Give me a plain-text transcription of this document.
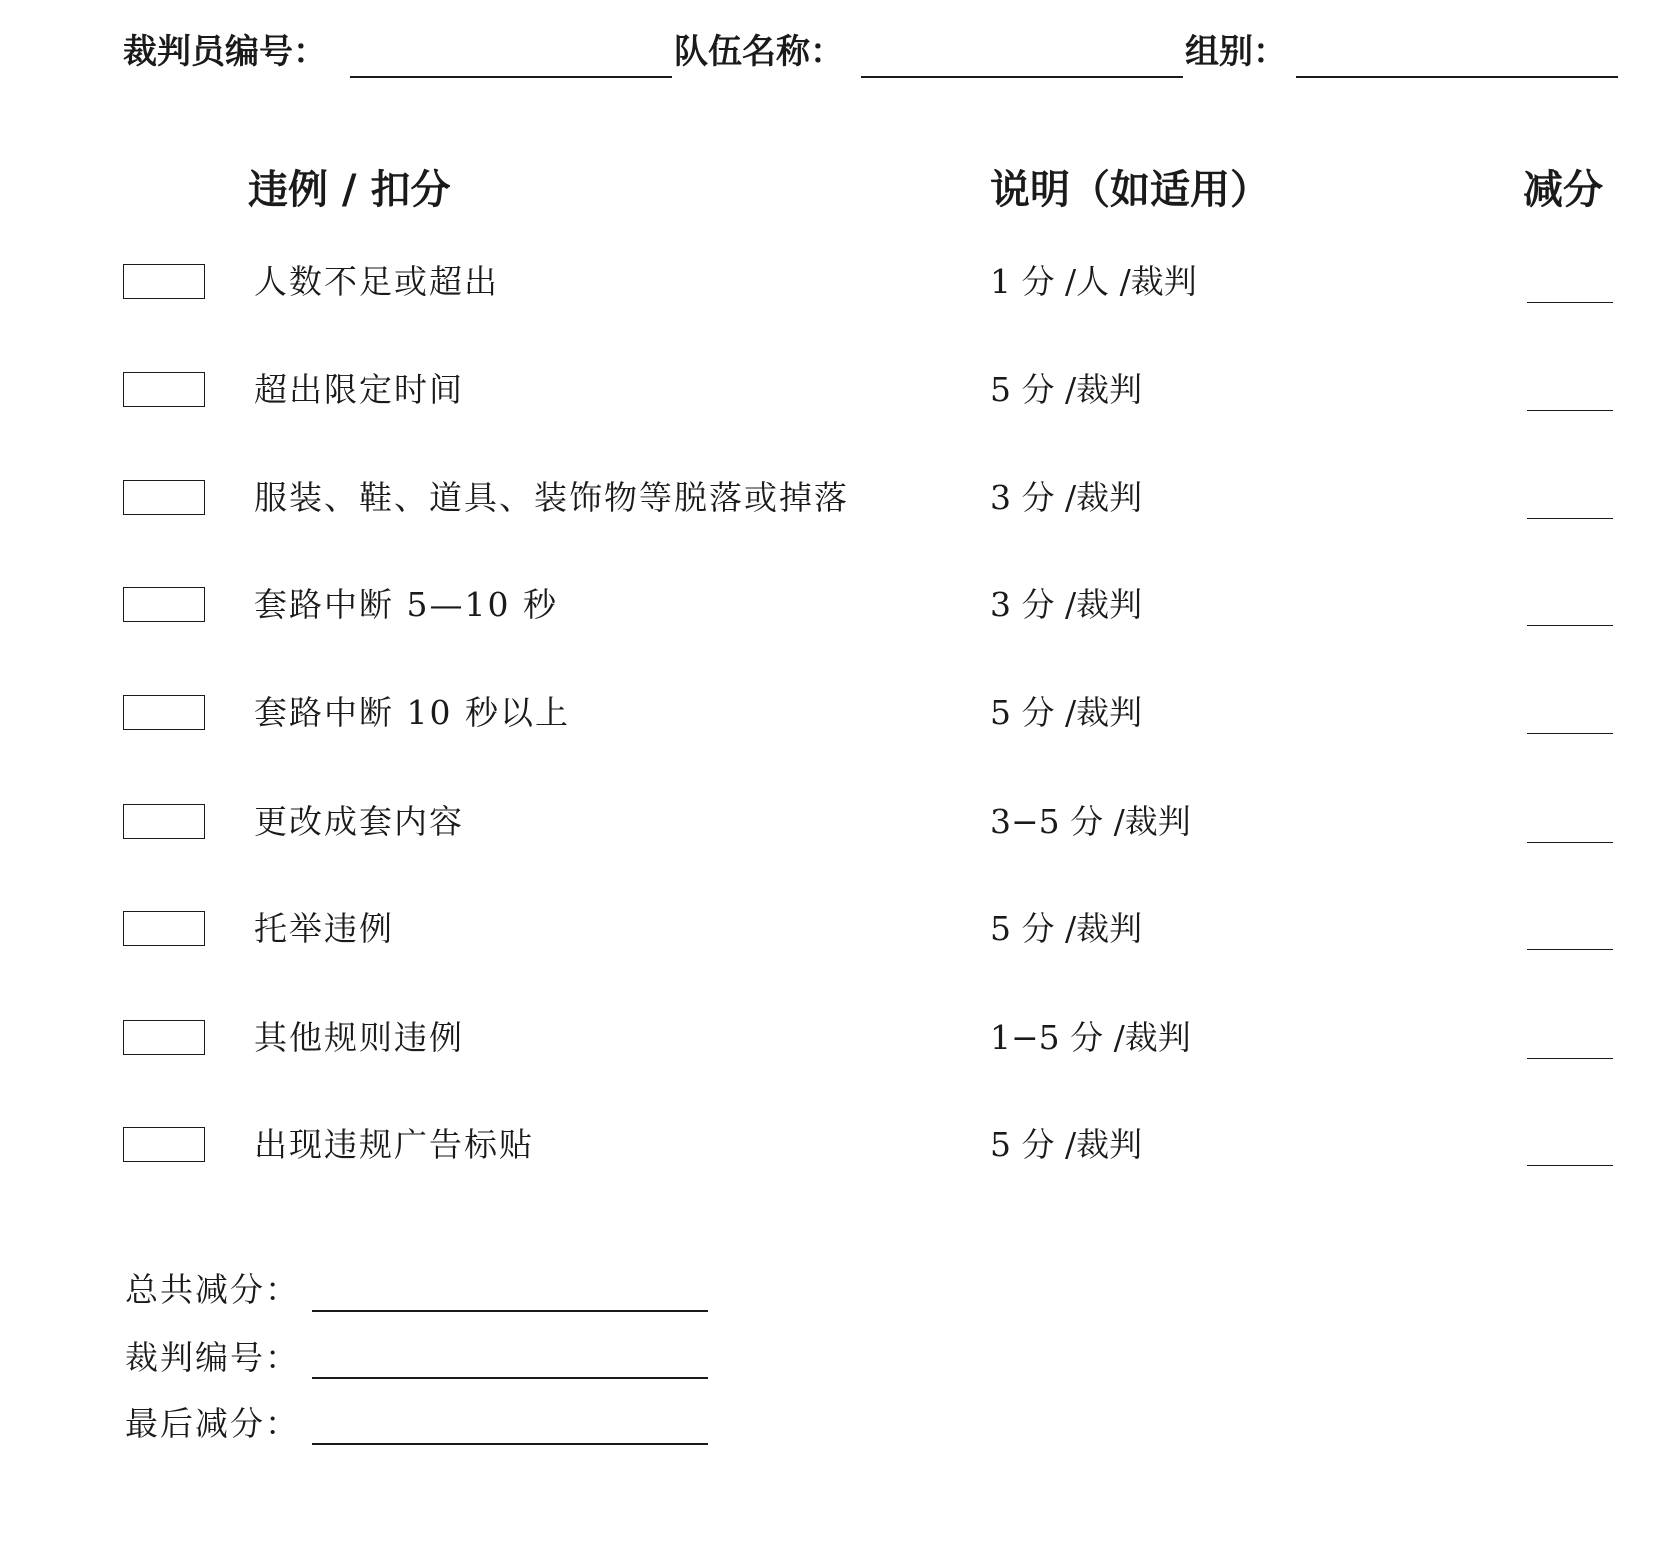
裁判员编号：	队伍名称：	组别：
违例 / 扣分	说明（如适用）	减分
人数不足或超出	1 分 /人 /裁判
超出限定时间	5 分 /裁判
服装、鞋、道具、装饰物等脱落或掉落	3 分 /裁判
套路中断 5—10 秒	3 分 /裁判
套路中断 10 秒以上	5 分 /裁判
更改成套内容	3−5 分 /裁判
托举违例	5 分 /裁判
其他规则违例	1−5 分 /裁判
出现违规广告标贴	5 分 /裁判
总共减分：
裁判编号：
最后减分：
